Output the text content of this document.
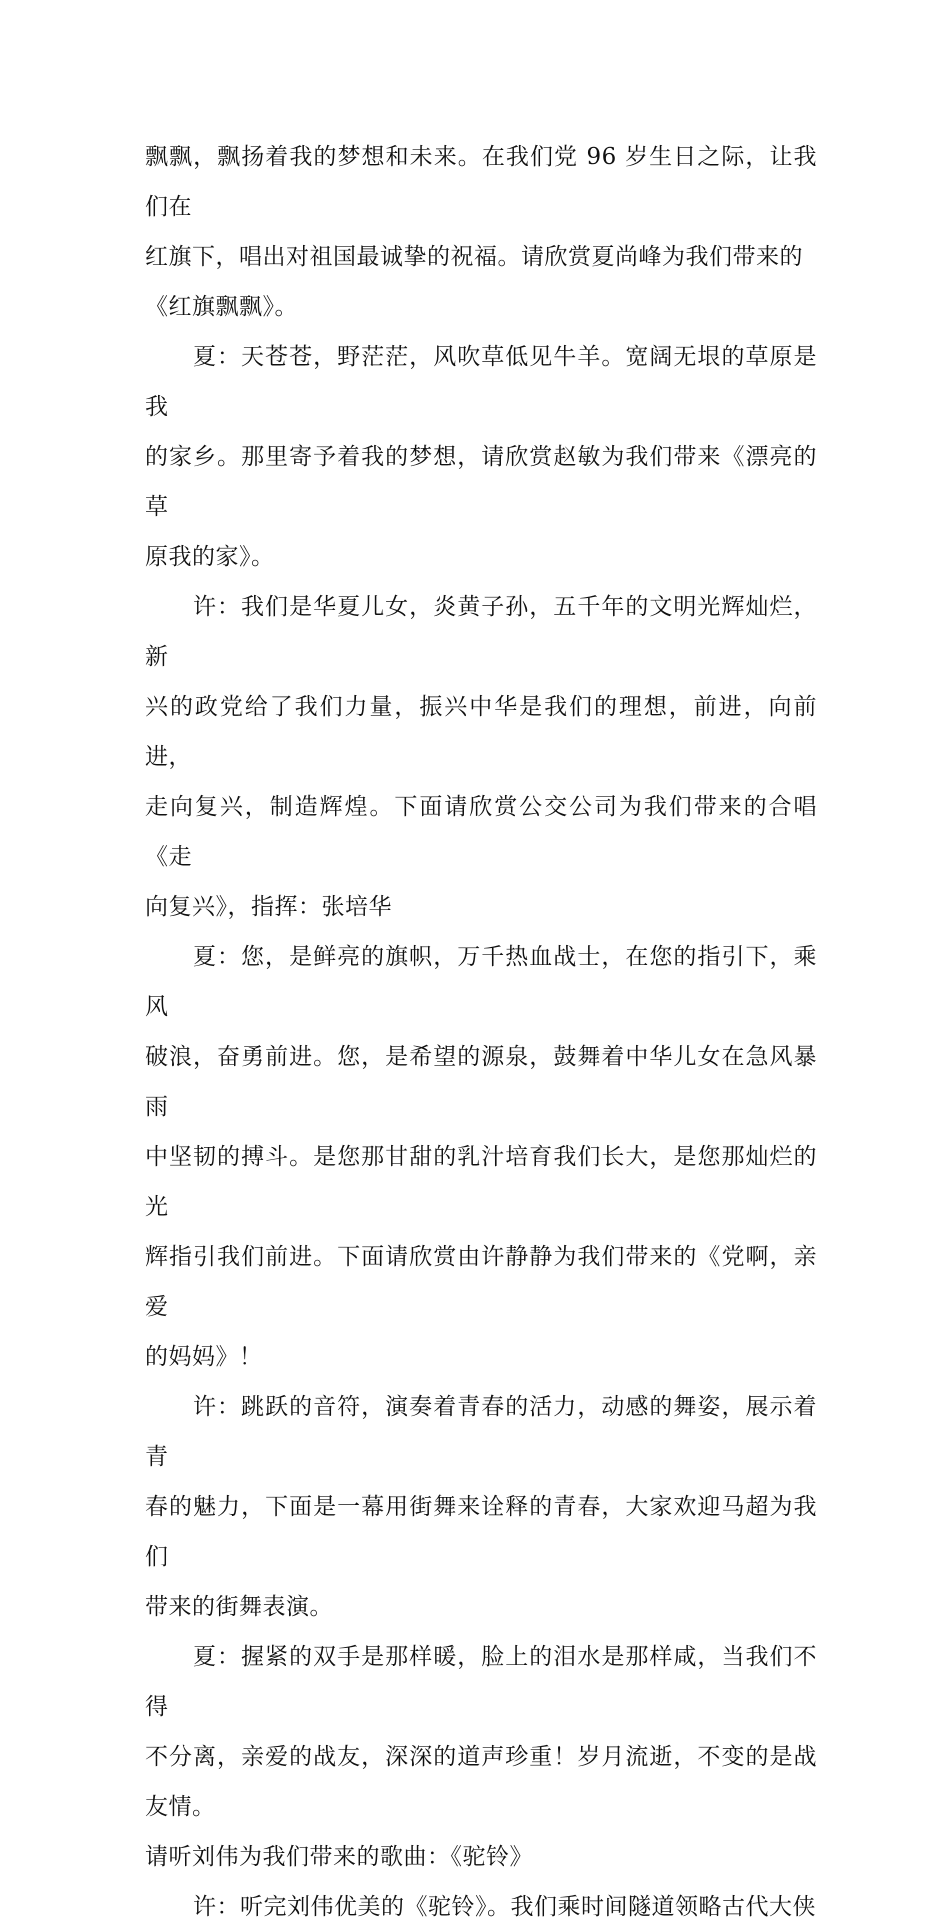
飘飘，飘扬着我的梦想和未来。在我们党 96 岁生日之际，让我们在
红旗下，唱出对祖国最诚挚的祝福。请欣赏夏尚峰为我们带来的
《红旗飘飘》。

夏：天苍苍，野茫茫，风吹草低见牛羊。宽阔无垠的草原是我
的家乡。那里寄予着我的梦想，请欣赏赵敏为我们带来《漂亮的草
原我的家》。

许：我们是华夏儿女，炎黄子孙，五千年的文明光辉灿烂，新
兴的政党给了我们力量，振兴中华是我们的理想，前进，向前进，
走向复兴，制造辉煌。下面请欣赏公交公司为我们带来的合唱《走
向复兴》，指挥：张培华

夏：您，是鲜亮的旗帜，万千热血战士，在您的指引下，乘风
破浪，奋勇前进。您，是希望的源泉，鼓舞着中华儿女在急风暴雨
中坚韧的搏斗。是您那甘甜的乳汁培育我们长大，是您那灿烂的光
辉指引我们前进。下面请欣赏由许静静为我们带来的《党啊，亲爱
的妈妈》！

许：跳跃的音符，演奏着青春的活力，动感的舞姿，展示着青
春的魅力，下面是一幕用街舞来诠释的青春，大家欢迎马超为我们
带来的街舞表演。

夏：握紧的双手是那样暖，脸上的泪水是那样咸，当我们不得
不分离，亲爱的战友，深深的道声珍重！岁月流逝，不变的是战友情。
请听刘伟为我们带来的歌曲：《驼铃》

许：听完刘伟优美的《驼铃》。我们乘时间隧道领略古代大侠
